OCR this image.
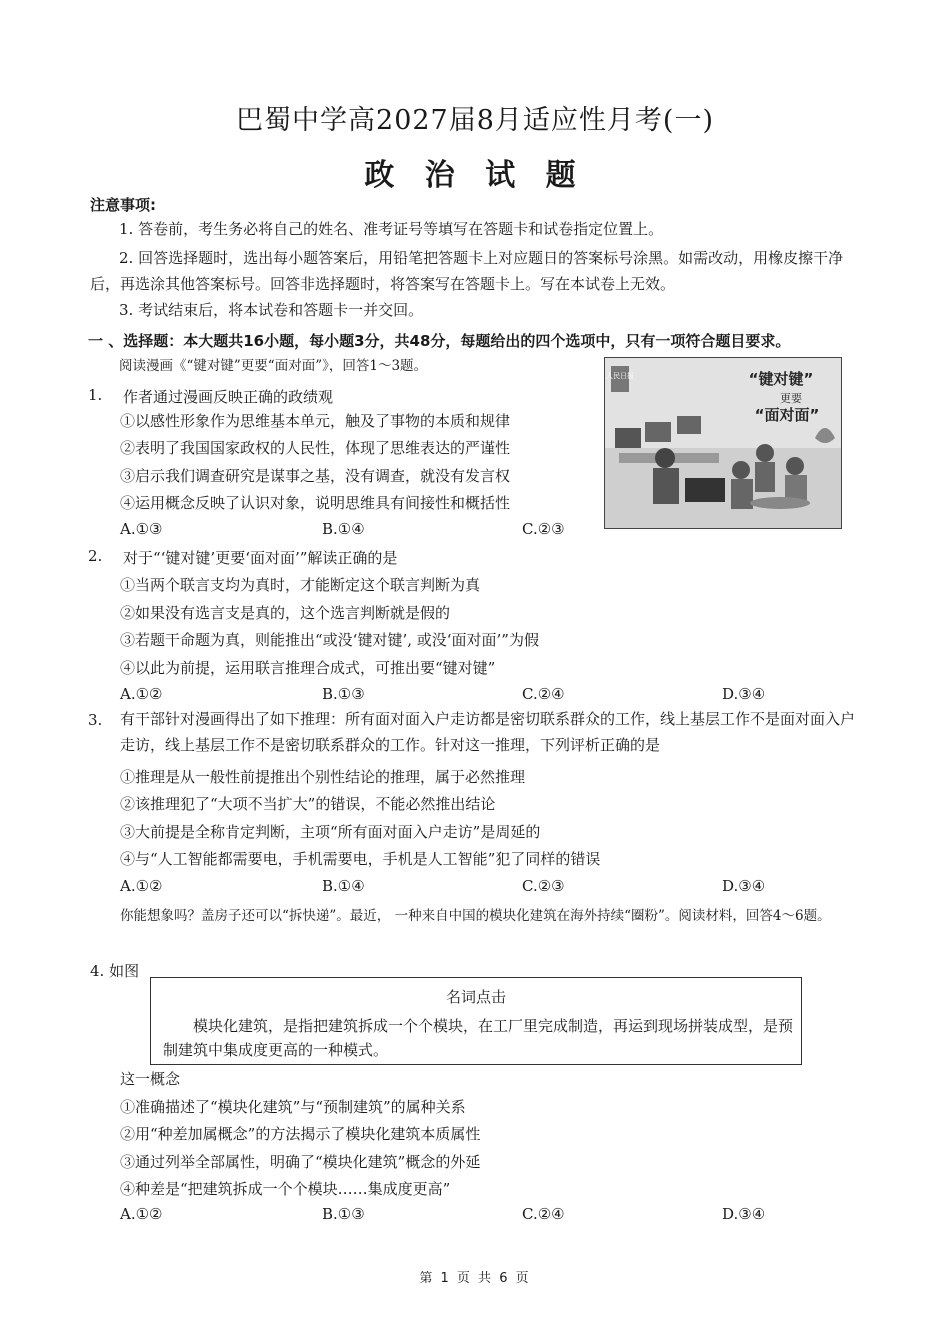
巴蜀中学高2027届8月适应性月考(一)
政 治 试 题
注意事项:
1. 答卷前，考生务必将自己的姓名、准考证号等填写在答题卡和试卷指定位置上。
2. 回答选择题时，选出每小题答案后，用铅笔把答题卡上对应题日的答案标号涂黑。如需改动，用橡皮擦干净后，再选涂其他答案标号。回答非选择题时，将答案写在答题卡上。写在本试卷上无效。
3. 考试结束后，将本试卷和答题卡一并交回。
一 、选择题：本大题共16小题，每小题3分，共48分，每题给出的四个选项中，只有一项符合题目要求。
阅读漫画《“键对键”更要“面对面”》，回答1～3题。
人民日报	“键对键”
更要
“面对面”
1. 作者通过漫画反映正确的政绩观
①以感性形象作为思维基本单元，触及了事物的本质和规律
②表明了我国国家政权的人民性，体现了思维表达的严谨性
③启示我们调查研究是谋事之基，没有调查，就没有发言权
④运用概念反映了认识对象，说明思维具有间接性和概括性
A.①③	B.①④	C.②③
2. 对于“‘键对键’更要‘面对面’”解读正确的是
①当两个联言支均为真时，才能断定这个联言判断为真
②如果没有选言支是真的，这个选言判断就是假的
③若题干命题为真，则能推出“或没‘键对键’, 或没‘面对面’”为假
④以此为前提，运用联言推理合成式，可推出要“键对键”
A.①②	B.①③	C.②④	D.③④
3. 有干部针对漫画得出了如下推理：所有面对面入户走访都是密切联系群众的工作，线上基层工作不是面对面入户走访，线上基层工作不是密切联系群众的工作。针对这一推理，下列评析正确的是
①推理是从一般性前提推出个别性结论的推理，属于必然推理
②该推理犯了“大项不当扩大”的错误，不能必然推出结论
③大前提是全称肯定判断，主项“所有面对面入户走访”是周延的
④与“人工智能都需要电，手机需要电，手机是人工智能”犯了同样的错误
A.①②	B.①④	C.②③	D.③④
你能想象吗？盖房子还可以“拆快递”。最近， 一种来自中国的模块化建筑在海外持续“圈粉”。阅读材料，回答4～6题。
4. 如图
名词点击
模块化建筑，是指把建筑拆成一个个模块，在工厂里完成制造，再运到现场拼装成型，是预制建筑中集成度更高的一种模式。
这一概念
①准确描述了“模块化建筑”与“预制建筑”的属种关系
②用“种差加属概念”的方法揭示了模块化建筑本质属性
③通过列举全部属性，明确了“模块化建筑”概念的外延
④种差是“把建筑拆成一个个模块……集成度更高”
A.①②	B.①③	C.②④	D.③④
第 1 页 共 6 页
